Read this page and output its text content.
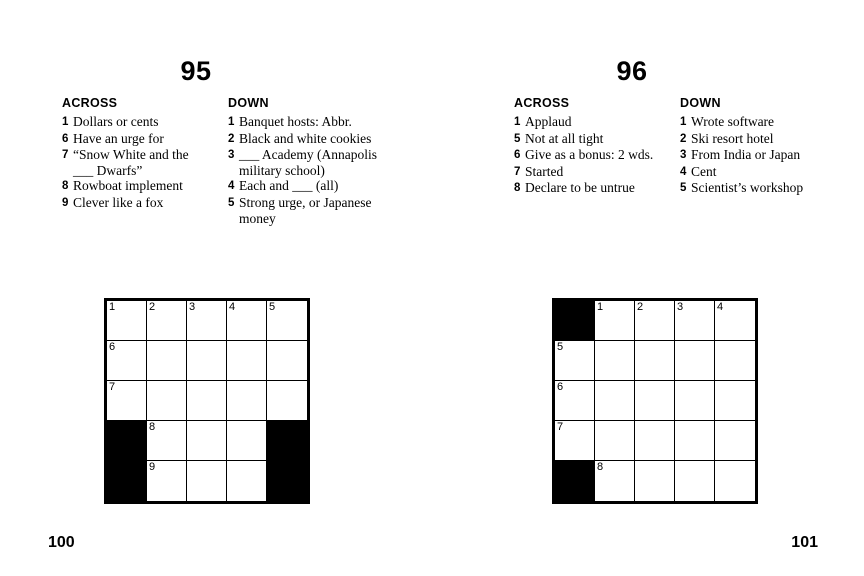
95
ACROSS
1 Dollars or cents
6 Have an urge for
7 “Snow White and the ___ Dwarfs”
8 Rowboat implement
9 Clever like a fox
DOWN
1 Banquet hosts: Abbr.
2 Black and white cookies
3 ___ Academy (Annapolis military school)
4 Each and ___ (all)
5 Strong urge, or Japanese money
1	2	3	4	5
6
7
8
9
100
96
ACROSS
1 Applaud
5 Not at all tight
6 Give as a bonus: 2 wds.
7 Started
8 Declare to be untrue
DOWN
1 Wrote software
2 Ski resort hotel
3 From India or Japan
4 Cent
5 Scientist’s workshop
1	2	3	4
5
6
7
8
101
